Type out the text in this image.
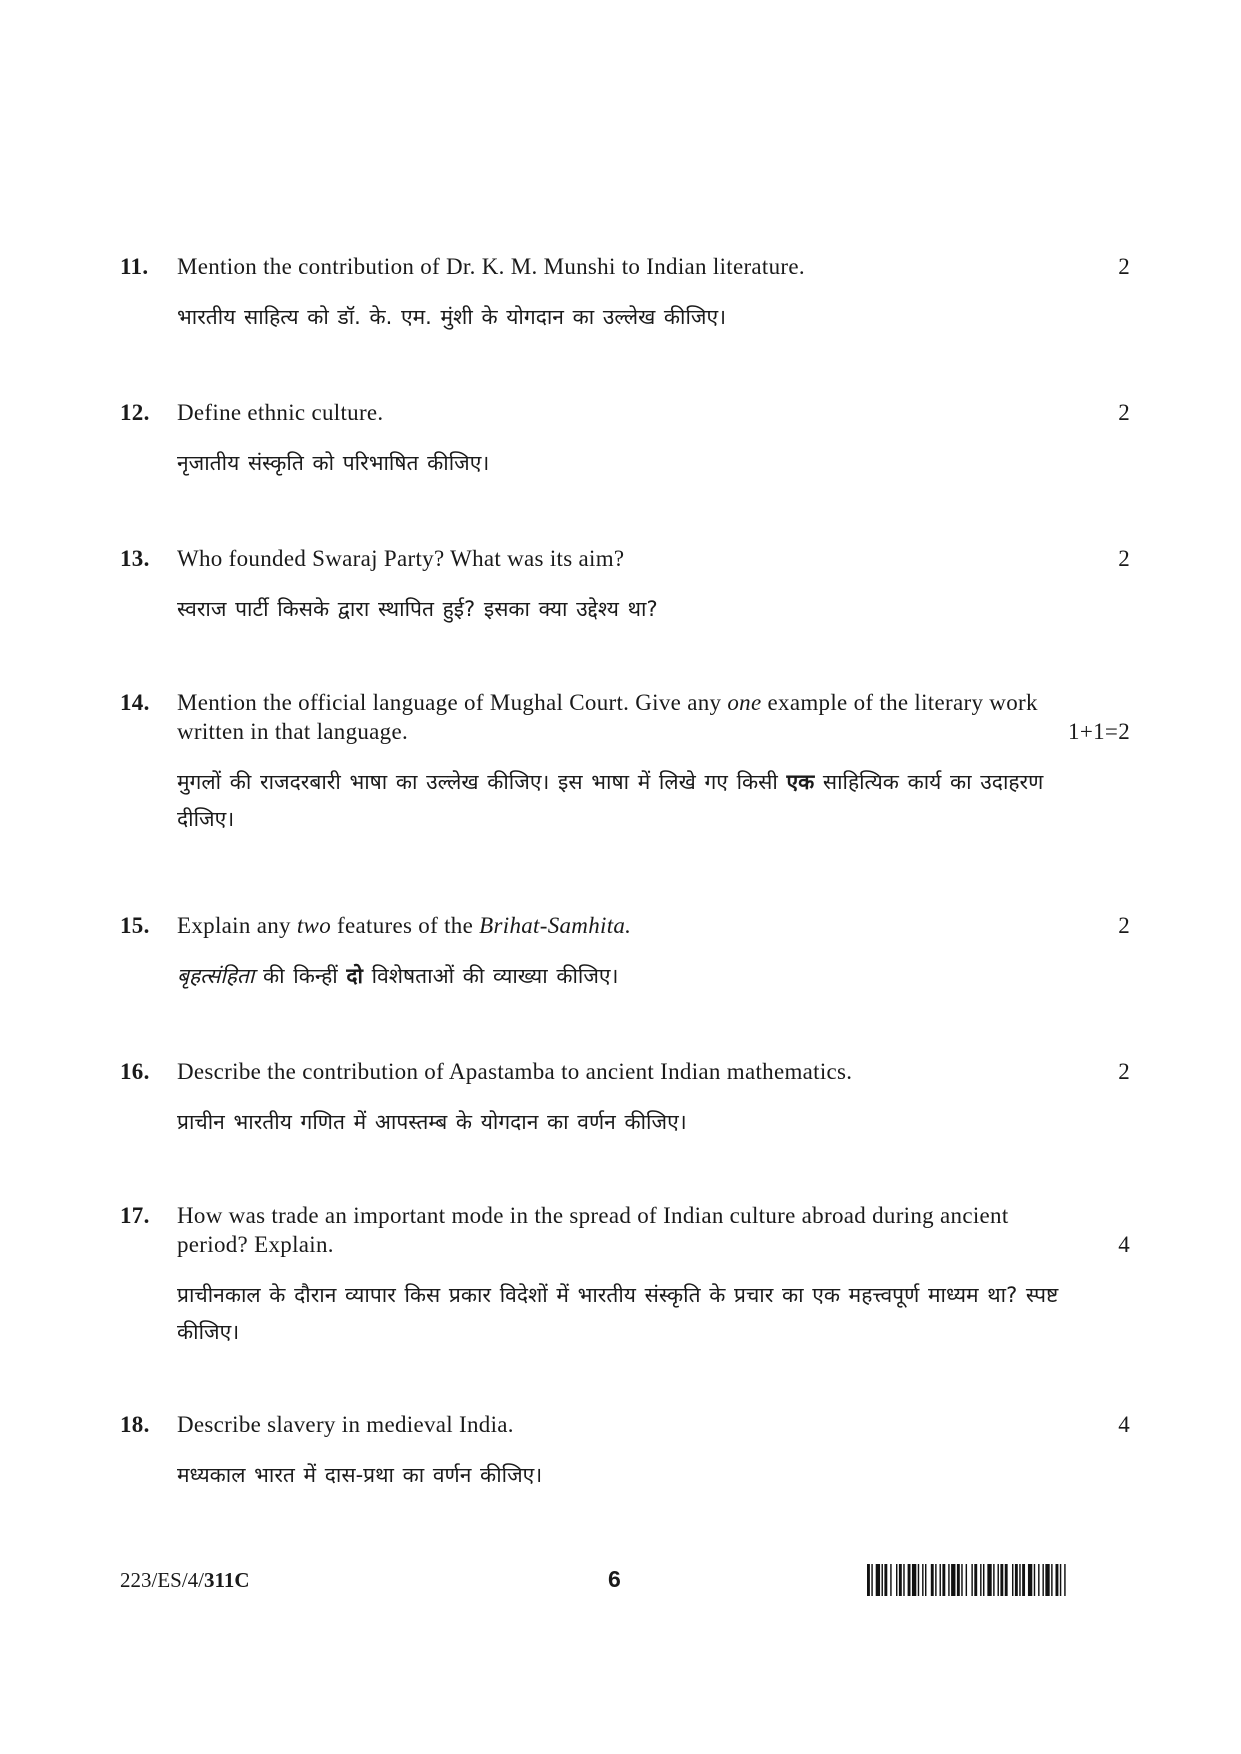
11. Mention the contribution of Dr. K. M. Munshi to Indian literature.	2
भारतीय साहित्य को डॉ. के. एम. मुंशी के योगदान का उल्लेख कीजिए।
12. Define ethnic culture.	2
नृजातीय संस्कृति को परिभाषित कीजिए।
13. Who founded Swaraj Party? What was its aim?	2
स्वराज पार्टी किसके द्वारा स्थापित हुई? इसका क्या उद्देश्य था?
14. Mention the official language of Mughal Court. Give any one example of the literary work written in that language.	1+1=2
मुगलों की राजदरबारी भाषा का उल्लेख कीजिए। इस भाषा में लिखे गए किसी एक साहित्यिक कार्य का उदाहरण दीजिए।
15. Explain any two features of the Brihat-Samhita.	2
बृहत्संहिता की किन्हीं दो विशेषताओं की व्याख्या कीजिए।
16. Describe the contribution of Apastamba to ancient Indian mathematics.	2
प्राचीन भारतीय गणित में आपस्तम्ब के योगदान का वर्णन कीजिए।
17. How was trade an important mode in the spread of Indian culture abroad during ancient period? Explain.	4
प्राचीनकाल के दौरान व्यापार किस प्रकार विदेशों में भारतीय संस्कृति के प्रचार का एक महत्त्वपूर्ण माध्यम था? स्पष्ट कीजिए।
18. Describe slavery in medieval India.	4
मध्यकाल भारत में दास-प्रथा का वर्णन कीजिए।
223/ES/4/311C	6
